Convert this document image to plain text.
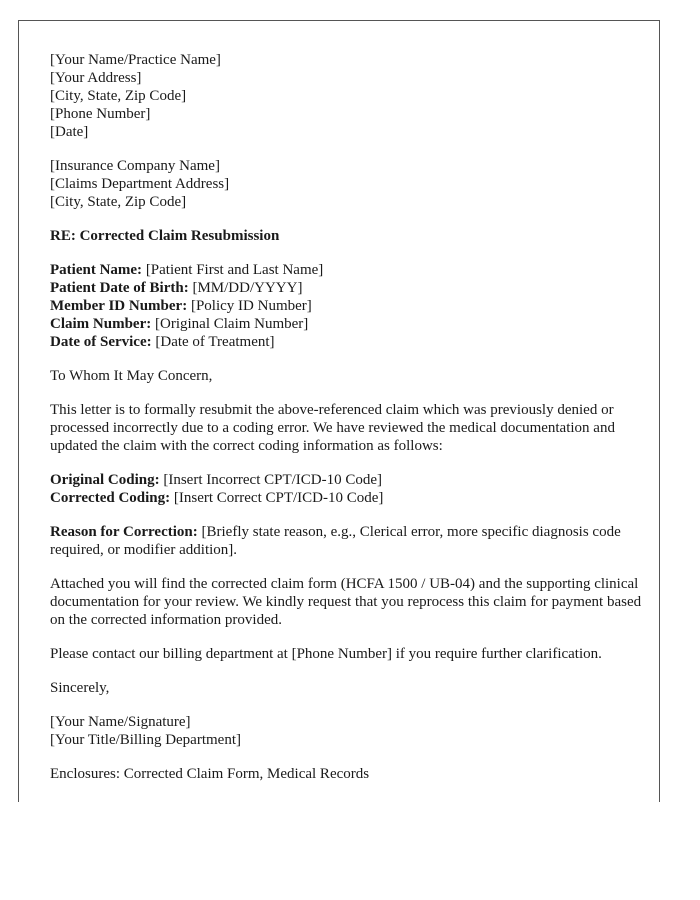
[Your Name/Practice Name]
[Your Address]
[City, State, Zip Code]
[Phone Number]
[Date]
[Insurance Company Name]
[Claims Department Address]
[City, State, Zip Code]
RE: Corrected Claim Resubmission
Patient Name: [Patient First and Last Name]
Patient Date of Birth: [MM/DD/YYYY]
Member ID Number: [Policy ID Number]
Claim Number: [Original Claim Number]
Date of Service: [Date of Treatment]

To Whom It May Concern,

This letter is to formally resubmit the above-referenced claim which was previously denied or processed incorrectly due to a coding error. We have reviewed the medical documentation and updated the claim with the correct coding information as follows:

Original Coding: [Insert Incorrect CPT/ICD-10 Code]
Corrected Coding: [Insert Correct CPT/ICD-10 Code]

Reason for Correction: [Briefly state reason, e.g., Clerical error, more specific diagnosis code required, or modifier addition].

Attached you will find the corrected claim form (HCFA 1500 / UB-04) and the supporting clinical documentation for your review. We kindly request that you reprocess this claim for payment based on the corrected information provided.

Please contact our billing department at [Phone Number] if you require further clarification.

Sincerely,

[Your Name/Signature]
[Your Title/Billing Department]

Enclosures: Corrected Claim Form, Medical Records
